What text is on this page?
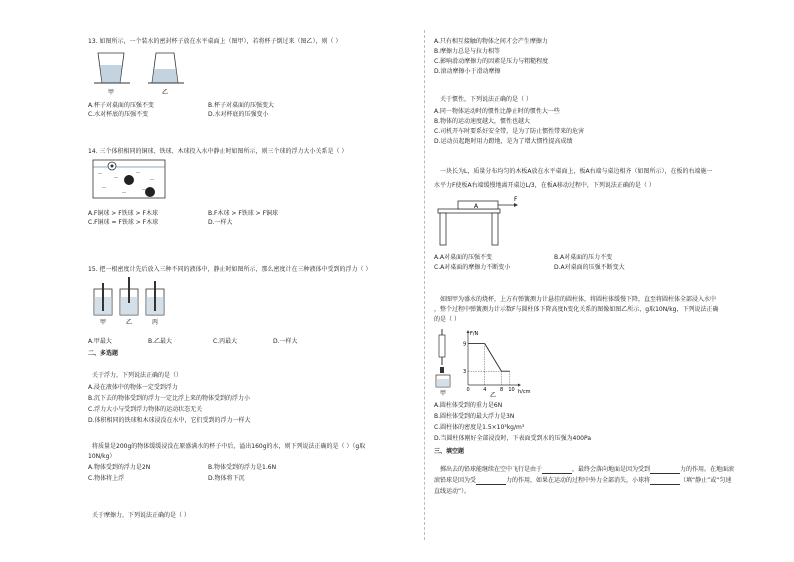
13. 如图所示，一个装水的密封杯子放在水平桌面上（图甲），若将杯子倒过来（图乙），则（ ）
甲	乙
A.杯子对桌面的压强不变	B.杯子对桌面的压强变大
C.水对杯底的压强不变	D.水对杯底的压强变小
14. 三个体积相同的铜球、铁球、木球投入水中静止时如图所示，则三个球的浮力大小关系是（ ）
A.F铜球 > F铁球 > F木球	B.F木球 > F铁球 > F铜球
C.F铜球 = F铁球 > F木球	D.一样大
15. 把一根密度计先后放入三种不同的液体中，静止时如图所示，那么密度计在三种液体中受到的浮力（ ）
甲	乙	丙
A.甲最大	B.乙最大	C.丙最大	D.一样大
二、多选题
关于浮力，下列说法正确的是（）
A.浸在液体中的物体一定受到浮力
B.沉下去的物体受到的浮力一定比浮上来的物体受到的浮力小
C.浮力大小与受到浮力物体的运动状态无关
D.体积相同的铁球和木球浸没在水中，它们受到的浮力一样大
将质量是200g的物体缓缓浸没在原盛满水的杯子中后，溢出160g的水，则下列说法正确的是（ ）（g取
10N/kg）
A.物体受到的浮力是2N	B.物体受到的浮力是1.6N
C.物体将上浮	D.物体将下沉
关于摩擦力，下列说法正确的是（ ）
A.只有相互接触的物体之间才会产生摩擦力
B.摩擦力总是与拉力相等
C.影响滑动摩擦力的因素是压力与粗糙程度
D.滚动摩擦小于滑动摩擦
关于惯性，下列说法正确的是（ ）
A.同一物体运动时的惯性比静止时的惯性大一些
B.物体的运动速度越大，惯性也越大
C.司机开车时要系好安全带，是为了防止惯性带来的危害
D.运动员起跑时用力蹬地，是为了增大惯性提高成绩
一块长为L，质量分布均匀的木板A放在水平桌面上，板A右端与桌边相齐（如图所示），在板的右端施一
水平力F使板A右端缓慢地离开桌边L/3，在板A移动过程中，下列说法正确的是（ ）
A
F
A.A对桌面的压强不变	B.A对桌面的压力不变
C.A对桌面的摩擦力不断变小	D.A对桌面的压强不断变大
如图甲为盛水的烧杯，上方有弹簧测力计悬挂的圆柱体，将圆柱体缓慢下降，直至将圆柱体全部浸入水中
，整个过程中弹簧测力计示数F与圆柱体下降高度h变化关系的图像如图乙所示，g取10N/kg，下列说法正确
的是（ ）
甲
F/N
h/cm
0	4	8 10
3
9
乙
A.圆柱体受到的重力是6N
B.圆柱体受到的最大浮力是3N
C.圆柱体的密度是1.5×10³kg/m³
D.当圆柱体刚好全部浸没时，下表面受到水的压强为400Pa
三、填空题
掷出去的铅球能继续在空中飞行是由于	，最终会落向地面是因为受到	力的作用。在地面滚
滚铅球是因为受	力的作用，如果在运动的过程中外力全部消失，小球将	（填“静止”或“匀速
直线运动”）。
